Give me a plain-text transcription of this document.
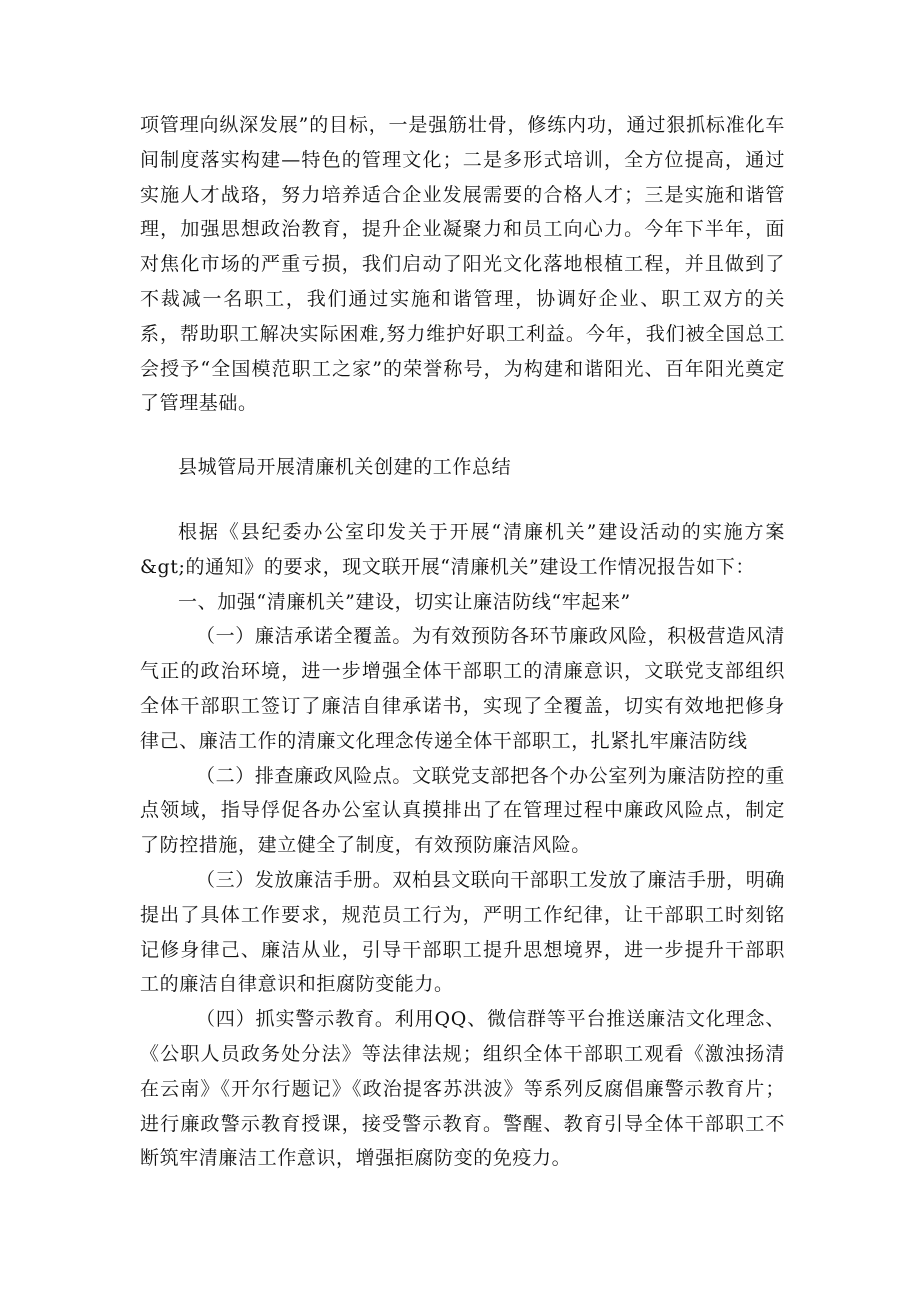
项管理向纵深发展”的目标，一是强筋壮骨，修练内功，通过狠抓标准化车间制度落实构建—特色的管理文化；二是多形式培训，全方位提高，通过实施人才战珞，努力培养适合企业发展需要的合格人才；三是实施和谐管理，加强思想政治教育，提升企业凝聚力和员工向心力。今年下半年，面对焦化市场的严重亏损，我们启动了阳光文化落地根植工程，并且做到了不裁减一名职工，我们通过实施和谐管理，协调好企业、职工双方的关系，帮助职工解决实际困难,努力维护好职工利益。今年，我们被全国总工会授予“全国模范职工之家”的荣誉称号，为构建和谐阳光、百年阳光奠定了管理基础。

县城管局开展清廉机关创建的工作总结

根据《县纪委办公室印发关于开展“清廉机关”建设活动的实施方案&gt;的通知》的要求，现文联开展“清廉机关”建设工作情况报告如下：

一、加强“清廉机关”建设，切实让廉洁防线“牢起来”

（一）廉洁承诺全覆盖。为有效预防各环节廉政风险，积极营造风清气正的政治环境，进一步增强全体干部职工的清廉意识，文联党支部组织全体干部职工签订了廉洁自律承诺书，实现了全覆盖，切实有效地把修身律己、廉洁工作的清廉文化理念传递全体干部职工，扎紧扎牢廉洁防线

（二）排查廉政风险点。文联党支部把各个办公室列为廉洁防控的重点领域，指导俘促各办公室认真摸排出了在管理过程中廉政风险点，制定了防控措施，建立健全了制度，有效预防廉洁风险。

（三）发放廉洁手册。双柏县文联向干部职工发放了廉洁手册，明确提出了具体工作要求，规范员工行为，严明工作纪律，让干部职工时刻铭记修身律己、廉洁从业，引导干部职工提升思想境界，进一步提升干部职工的廉洁自律意识和拒腐防变能力。

（四）抓实警示教育。利用QQ、微信群等平台推送廉洁文化理念、《公职人员政务处分法》等法律法规；组织全体干部职工观看《激浊扬清在云南》《开尔行题记》《政治提客苏洪波》等系列反腐倡廉警示教育片；进行廉政警示教育授课，接受警示教育。警醒、教育引导全体干部职工不断筑牢清廉洁工作意识，增强拒腐防变的免疫力。
